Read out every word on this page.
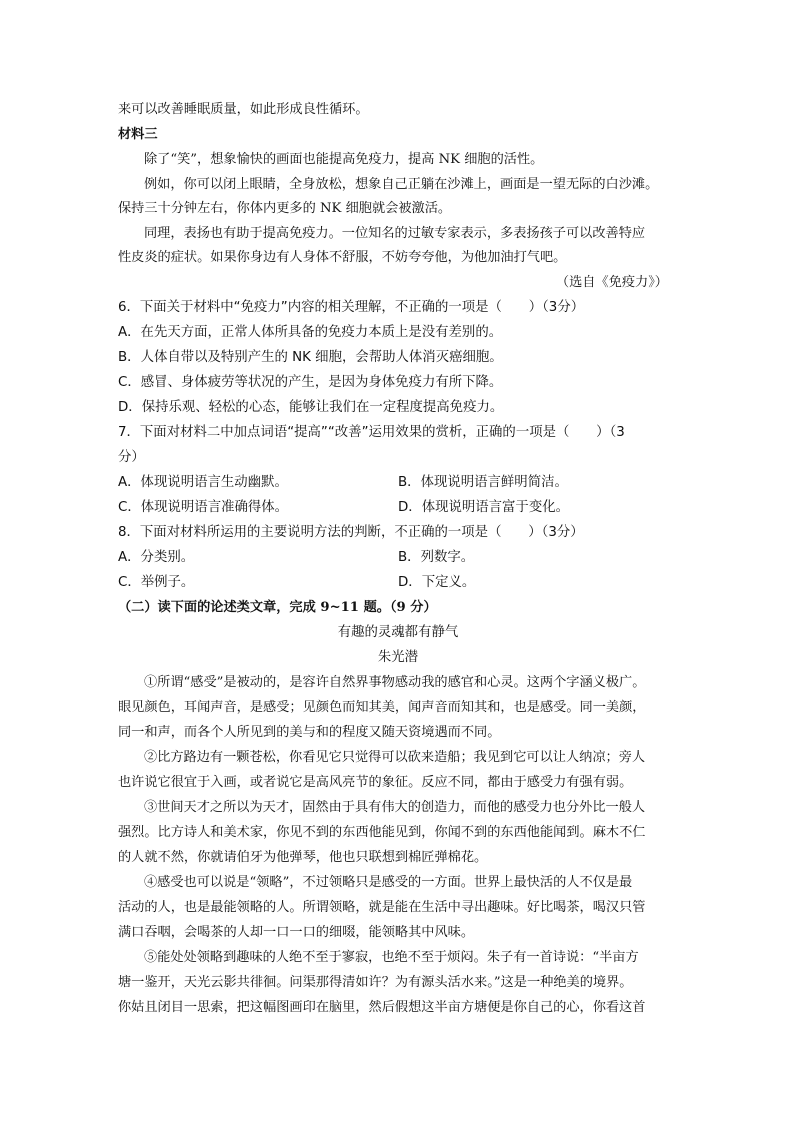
来可以改善睡眠质量，如此形成良性循环。
材料三
除了“笑”，想象愉快的画面也能提高免疫力，提高 NK 细胞的活性。
例如，你可以闭上眼睛，全身放松，想象自己正躺在沙滩上，画面是一望无际的白沙滩。
保持三十分钟左右，你体内更多的 NK 细胞就会被激活。
同理，表扬也有助于提高免疫力。一位知名的过敏专家表示，多表扬孩子可以改善特应
性皮炎的症状。如果你身边有人身体不舒服，不妨夸夸他，为他加油打气吧。
（选自《免疫力》）
6．下面关于材料中“免疫力”内容的相关理解，不正确的一项是（　　）（3分）
A．在先天方面，正常人体所具备的免疫力本质上是没有差别的。
B．人体自带以及特别产生的 NK 细胞，会帮助人体消灭癌细胞。
C．感冒、身体疲劳等状况的产生，是因为身体免疫力有所下降。
D．保持乐观、轻松的心态，能够让我们在一定程度提高免疫力。
7．下面对材料二中加点词语“提高”“改善”运用效果的赏析，正确的一项是（　　）（3
分）
A．体现说明语言生动幽默。	B．体现说明语言鲜明简洁。
C．体现说明语言准确得体。	D．体现说明语言富于变化。
8．下面对材料所运用的主要说明方法的判断，不正确的一项是（　　）（3分）
A．分类别。	B．列数字。
C．举例子。	D．下定义。
（二）读下面的论述类文章，完成 9~11 题。（9 分）
有趣的灵魂都有静气
朱光潜
①所谓“感受”是被动的，是容许自然界事物感动我的感官和心灵。这两个字涵义极广。
眼见颜色，耳闻声音，是感受；见颜色而知其美，闻声音而知其和，也是感受。同一美颜，
同一和声，而各个人所见到的美与和的程度又随天资境遇而不同。
②比方路边有一颗苍松，你看见它只觉得可以砍来造船；我见到它可以让人纳凉；旁人
也许说它很宜于入画，或者说它是高风亮节的象征。反应不同，都由于感受力有强有弱。
③世间天才之所以为天才，固然由于具有伟大的创造力，而他的感受力也分外比一般人
强烈。比方诗人和美术家，你见不到的东西他能见到，你闻不到的东西他能闻到。麻木不仁
的人就不然，你就请伯牙为他弹琴，他也只联想到棉匠弹棉花。
④感受也可以说是“领略”，不过领略只是感受的一方面。世界上最快活的人不仅是最
活动的人，也是最能领略的人。所谓领略，就是能在生活中寻出趣味。好比喝茶，喝汉只管
满口吞咽，会喝茶的人却一口一口的细啜，能领略其中风味。
⑤能处处领略到趣味的人绝不至于寥寂，也绝不至于烦闷。朱子有一首诗说：“半亩方
塘一鉴开，天光云影共徘徊。问渠那得清如许？为有源头活水来。”这是一种绝美的境界。
你姑且闭目一思索，把这幅图画印在脑里，然后假想这半亩方塘便是你自己的心，你看这首
